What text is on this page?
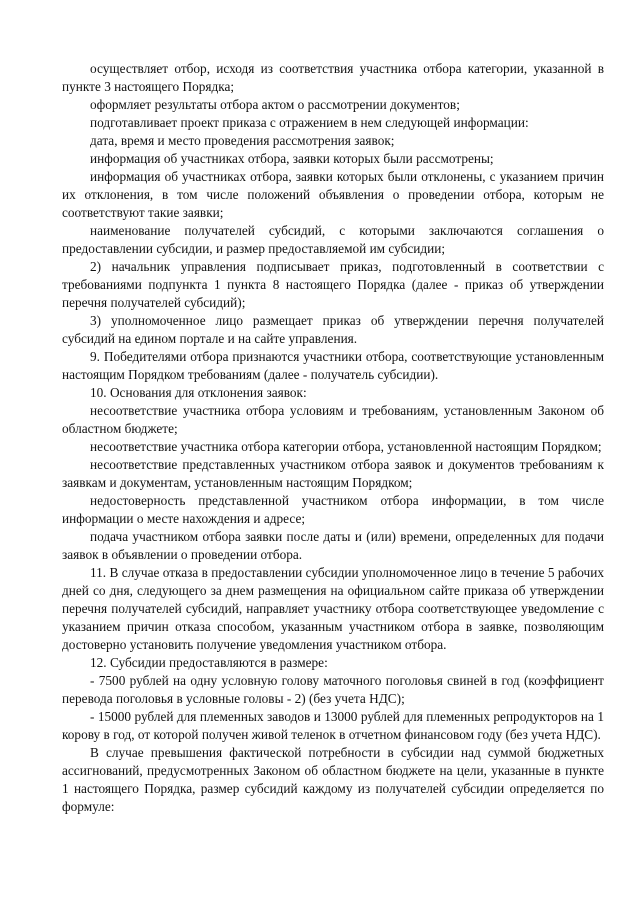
осуществляет отбор, исходя из соответствия участника отбора категории, указанной в пункте 3 настоящего Порядка;

оформляет результаты отбора актом о рассмотрении документов;

подготавливает проект приказа с отражением в нем следующей информации:

дата, время и место проведения рассмотрения заявок;

информация об участниках отбора, заявки которых были рассмотрены;

информация об участниках отбора, заявки которых были отклонены, с указанием причин их отклонения, в том числе положений объявления о проведении отбора, которым не соответствуют такие заявки;

наименование получателей субсидий, с которыми заключаются соглашения о предоставлении субсидии, и размер предоставляемой им субсидии;

2) начальник управления подписывает приказ, подготовленный в соответствии с требованиями подпункта 1 пункта 8 настоящего Порядка (далее - приказ об утверждении перечня получателей субсидий);

3) уполномоченное лицо размещает приказ об утверждении перечня получателей субсидий на едином портале и на сайте управления.

9. Победителями отбора признаются участники отбора, соответствующие установленным настоящим Порядком требованиям (далее - получатель субсидии).

10. Основания для отклонения заявок:

несоответствие участника отбора условиям и требованиям, установленным Законом об областном бюджете;

несоответствие участника отбора категории отбора, установленной настоящим Порядком;

несоответствие представленных участником отбора заявок и документов требованиям к заявкам и документам, установленным настоящим Порядком;

недостоверность представленной участником отбора информации, в том числе информации о месте нахождения и адресе;

подача участником отбора заявки после даты и (или) времени, определенных для подачи заявок в объявлении о проведении отбора.

11. В случае отказа в предоставлении субсидии уполномоченное лицо в течение 5 рабочих дней со дня, следующего за днем размещения на официальном сайте приказа об утверждении перечня получателей субсидий, направляет участнику отбора соответствующее уведомление с указанием причин отказа способом, указанным участником отбора в заявке, позволяющим достоверно установить получение уведомления участником отбора.

12. Субсидии предоставляются в размере:

- 7500 рублей на одну условную голову маточного поголовья свиней в год (коэффициент перевода поголовья в условные головы - 2) (без учета НДС);

- 15000 рублей для племенных заводов и 13000 рублей для племенных репродукторов на 1 корову в год, от которой получен живой теленок в отчетном финансовом году (без учета НДС).

В случае превышения фактической потребности в субсидии над суммой бюджетных ассигнований, предусмотренных Законом об областном бюджете на цели, указанные в пункте 1 настоящего Порядка, размер субсидий каждому из получателей субсидии определяется по формуле:
